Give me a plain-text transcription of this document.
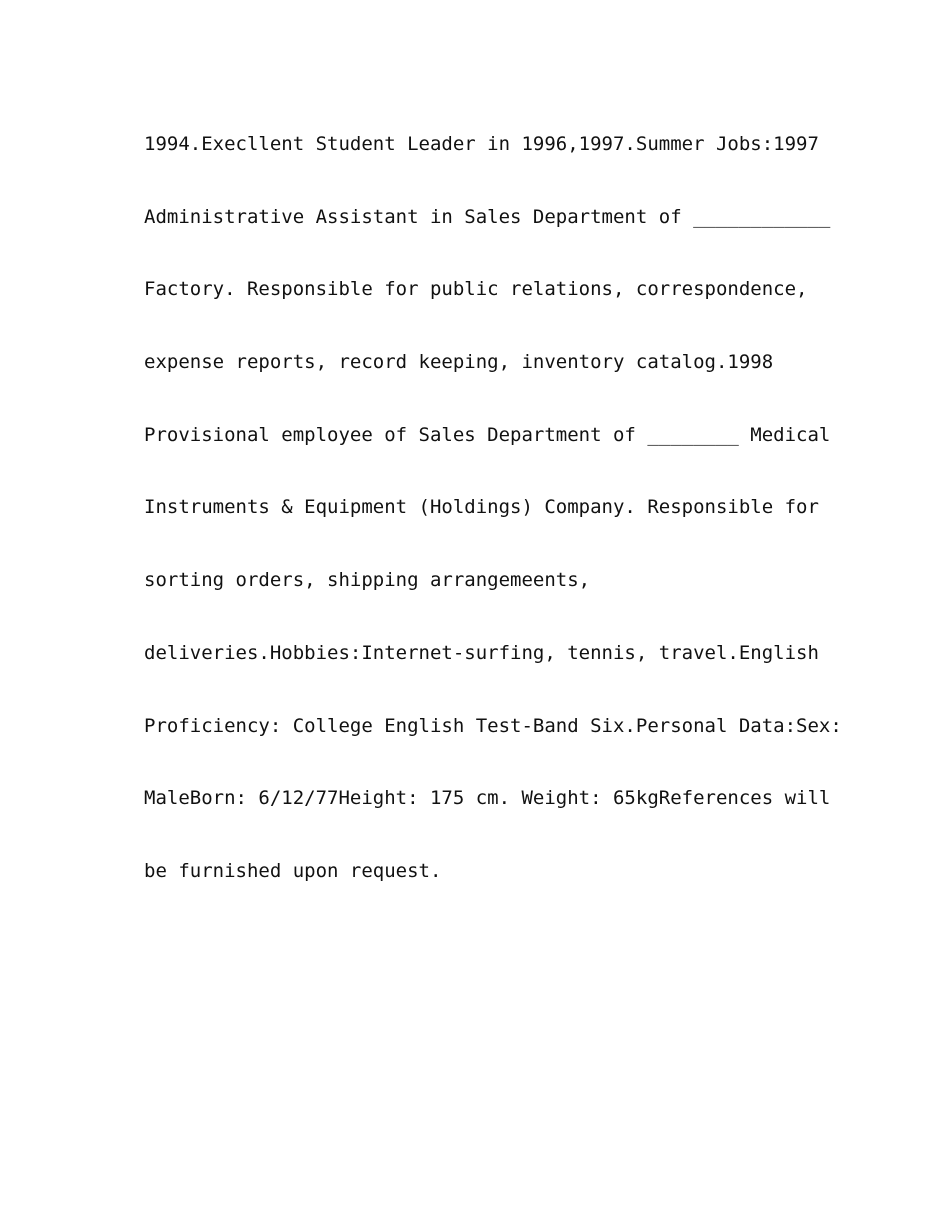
1994.Execllent Student Leader in 1996,1997.Summer Jobs:1997
Administrative Assistant in Sales Department of ____________
Factory. Responsible for public relations, correspondence,
expense reports, record keeping, inventory catalog.1998
Provisional employee of Sales Department of ________ Medical
Instruments & Equipment (Holdings) Company. Responsible for
sorting orders, shipping arrangemeents,
deliveries.Hobbies:Internet-surfing, tennis, travel.English
Proficiency: College English Test-Band Six.Personal Data:Sex:
MaleBorn: 6/12/77Height: 175 cm. Weight: 65kgReferences will
be furnished upon request.
